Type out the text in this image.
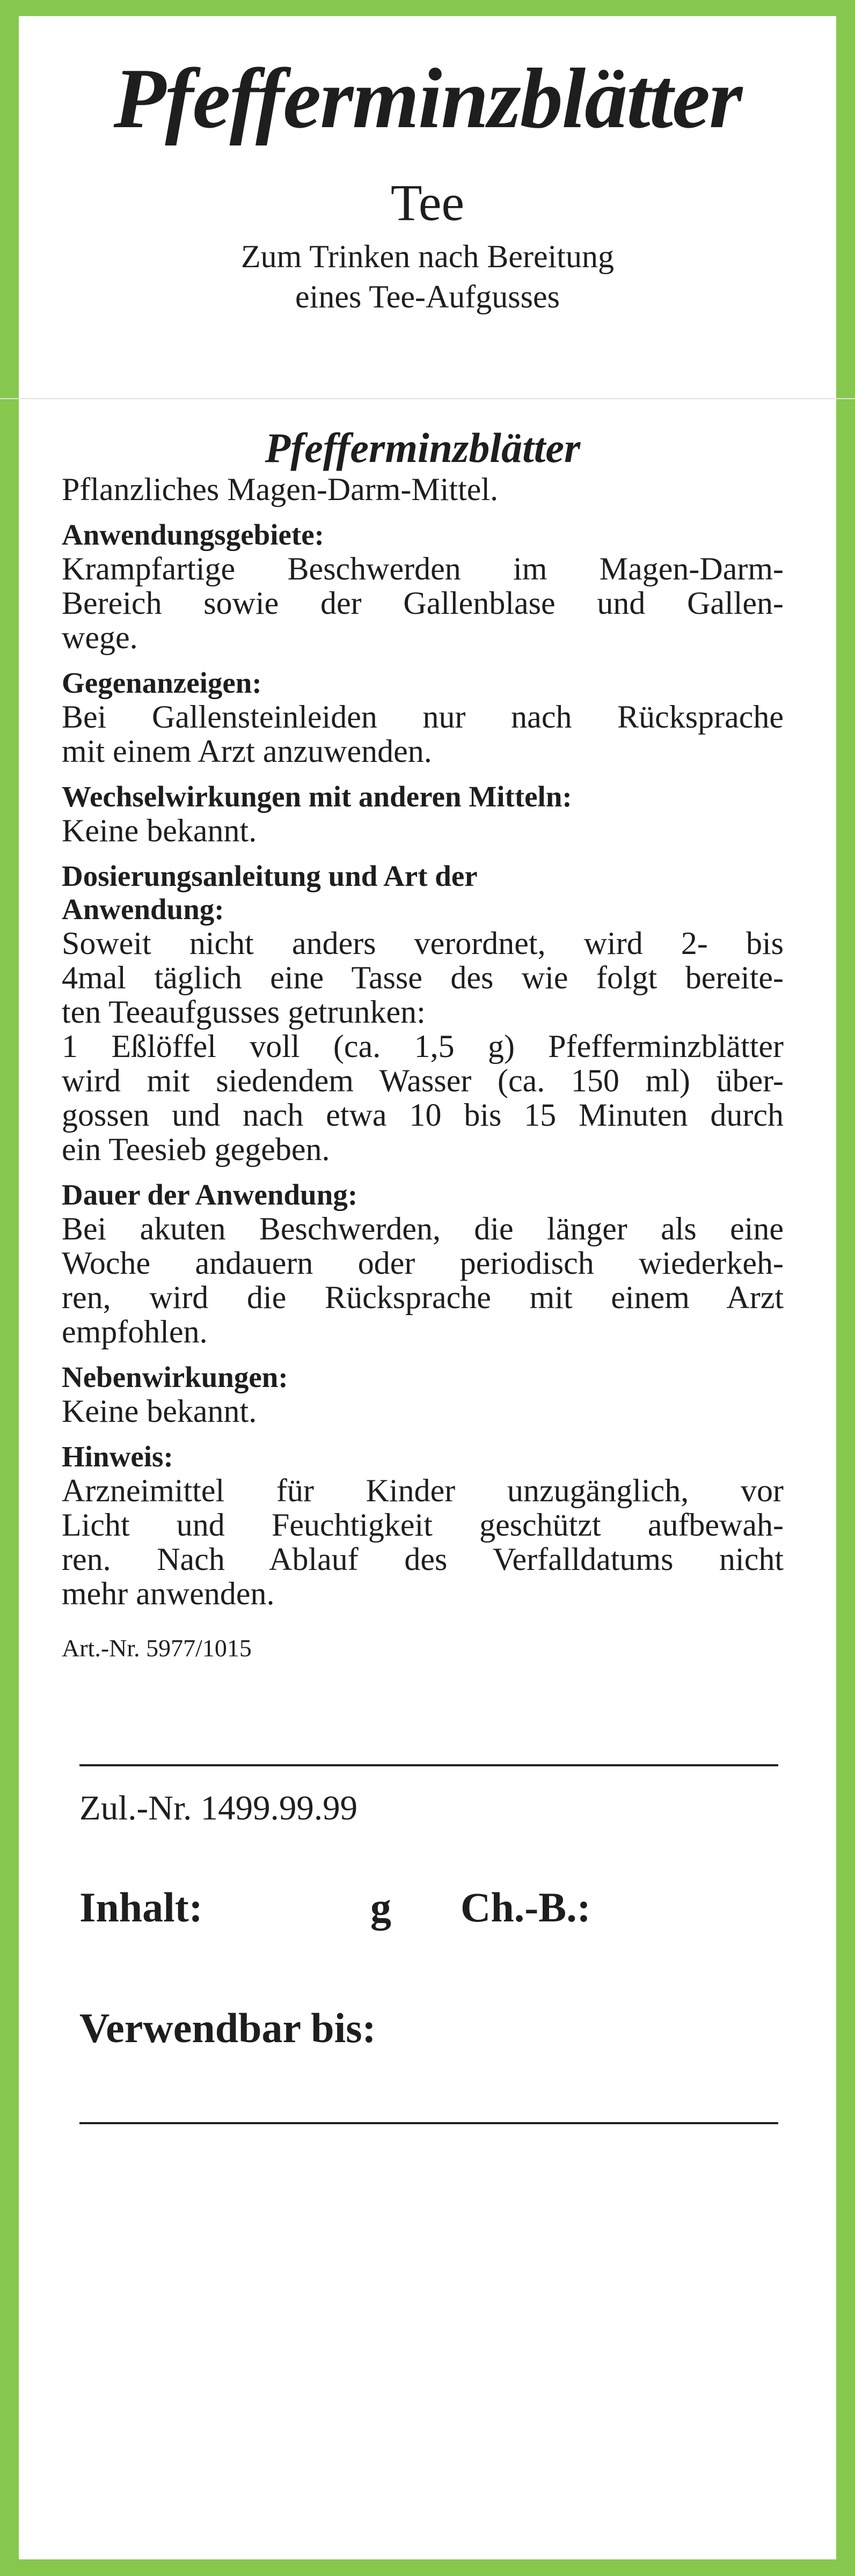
Pfefferminzblätter
Tee
Zum Trinken nach Bereitung
eines Tee-Aufgusses
Pfefferminzblätter
Pflanzliches Magen-Darm-Mittel.
Anwendungsgebiete:
Krampfartige Beschwerden im Magen-Darm-
Bereich sowie der Gallenblase und Gallen-
wege.
Gegenanzeigen:
Bei Gallensteinleiden nur nach Rücksprache
mit einem Arzt anzuwenden.
Wechselwirkungen mit anderen Mitteln:
Keine bekannt.
Dosierungsanleitung und Art der
Anwendung:
Soweit nicht anders verordnet, wird 2- bis
4mal täglich eine Tasse des wie folgt bereite-
ten Teeaufgusses getrunken:
1 Eßlöffel voll (ca. 1,5 g) Pfefferminzblätter
wird mit siedendem Wasser (ca. 150 ml) über-
gossen und nach etwa 10 bis 15 Minuten durch
ein Teesieb gegeben.
Dauer der Anwendung:
Bei akuten Beschwerden, die länger als eine
Woche andauern oder periodisch wiederkeh-
ren, wird die Rücksprache mit einem Arzt
empfohlen.
Nebenwirkungen:
Keine bekannt.
Hinweis:
Arzneimittel für Kinder unzugänglich, vor
Licht und Feuchtigkeit geschützt aufbewah-
ren. Nach Ablauf des Verfalldatums nicht
mehr anwenden.
Art.-Nr. 5977/1015
Zul.-Nr. 1499.99.99
Inhalt:	g Ch.-B.:
Verwendbar bis:
